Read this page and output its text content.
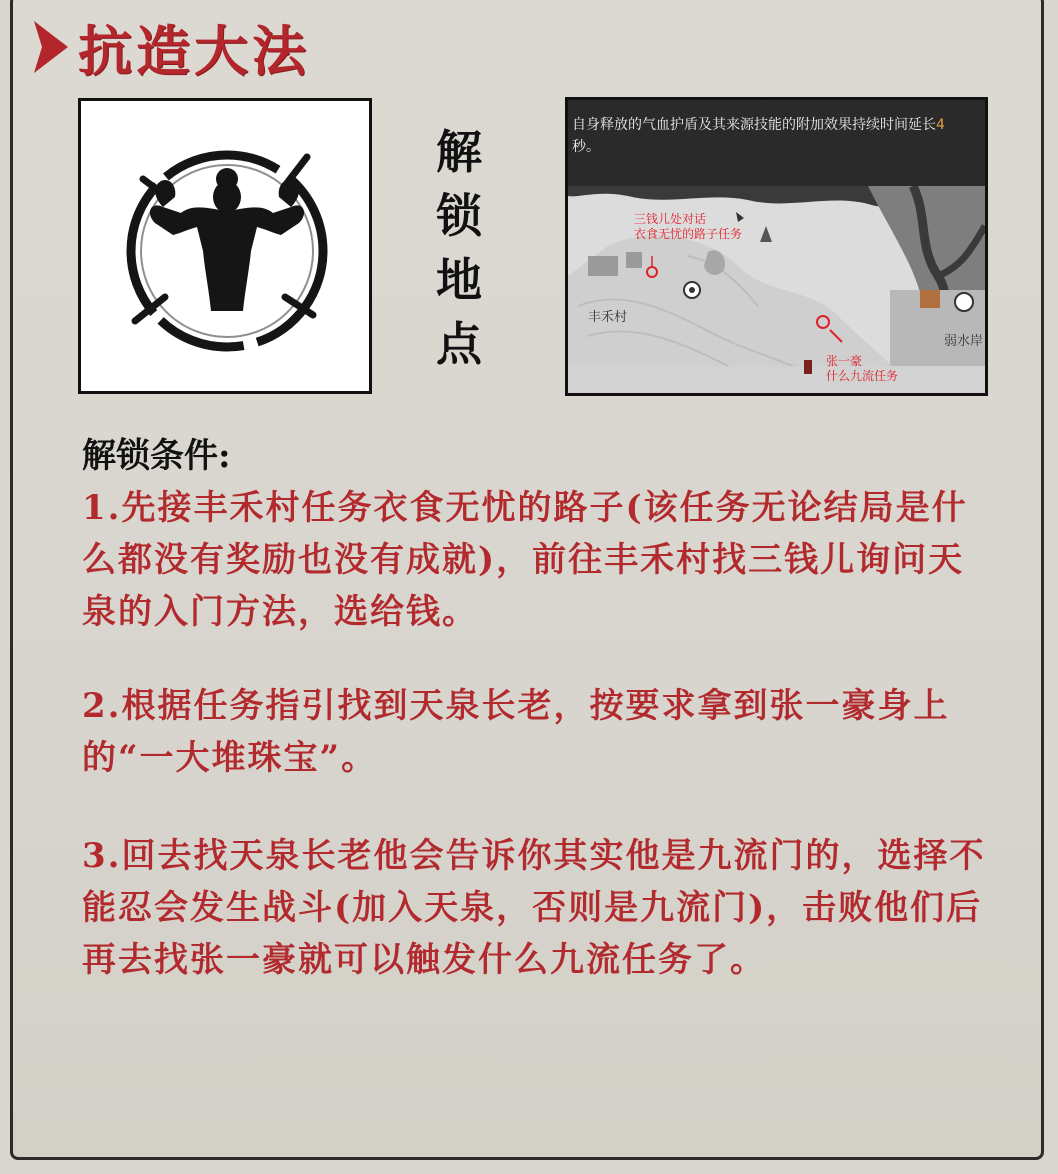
抗造大法
解
锁
地
点
自身释放的气血护盾及其来源技能的附加效果持续时间延长4
秒。
三钱儿处对话
衣食无忧的路子任务
丰禾村
张一豪
什么九流任务
弱水岸
解锁条件:
1.先接丰禾村任务衣食无忧的路子(该任务无论结局是什么都没有奖励也没有成就)，前往丰禾村找三钱儿询问天泉的入门方法，选给钱。
2.根据任务指引找到天泉长老，按要求拿到张一豪身上的“一大堆珠宝”。
3.回去找天泉长老他会告诉你其实他是九流门的，选择不能忍会发生战斗(加入天泉，否则是九流门)，击败他们后再去找张一豪就可以触发什么九流任务了。
